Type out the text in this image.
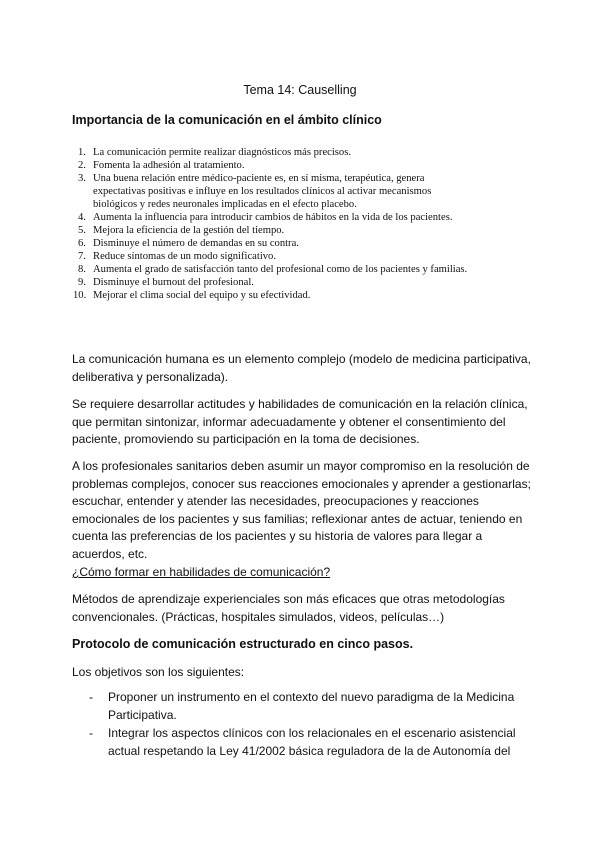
Tema 14: Causelling
Importancia de la comunicación en el ámbito clínico
1. La comunicación permite realizar diagnósticos más precisos.
2. Fomenta la adhesión al tratamiento.
3. Una buena relación entre médico-paciente es, en sí misma, terapéutica, genera expectativas positivas e influye en los resultados clínicos al activar mecanismos biológicos y redes neuronales implicadas en el efecto placebo.
4. Aumenta la influencia para introducir cambios de hábitos en la vida de los pacientes.
5. Mejora la eficiencia de la gestión del tiempo.
6. Disminuye el número de demandas en su contra.
7. Reduce síntomas de un modo significativo.
8. Aumenta el grado de satisfacción tanto del profesional como de los pacientes y familias.
9. Disminuye el burnout del profesional.
10. Mejorar el clima social del equipo y su efectividad.

La comunicación humana es un elemento complejo (modelo de medicina participativa, deliberativa y personalizada).

Se requiere desarrollar actitudes y habilidades de comunicación en la relación clínica, que permitan sintonizar, informar adecuadamente y obtener el consentimiento del paciente, promoviendo su participación en la toma de decisiones.

A los profesionales sanitarios deben asumir un mayor compromiso en la resolución de problemas complejos, conocer sus reacciones emocionales y aprender a gestionarlas; escuchar, entender y atender las necesidades, preocupaciones y reacciones emocionales de los pacientes y sus familias; reflexionar antes de actuar, teniendo en cuenta las preferencias de los pacientes y su historia de valores para llegar a acuerdos, etc.

¿Cómo formar en habilidades de comunicación?

Métodos de aprendizaje experienciales son más eficaces que otras metodologías convencionales. (Prácticas, hospitales simulados, videos, películas…)

Protocolo de comunicación estructurado en cinco pasos.

Los objetivos son los siguientes:

- Proponer un instrumento en el contexto del nuevo paradigma de la Medicina Participativa.
- Integrar los aspectos clínicos con los relacionales en el escenario asistencial actual respetando la Ley 41/2002 básica reguladora de la de Autonomía del
